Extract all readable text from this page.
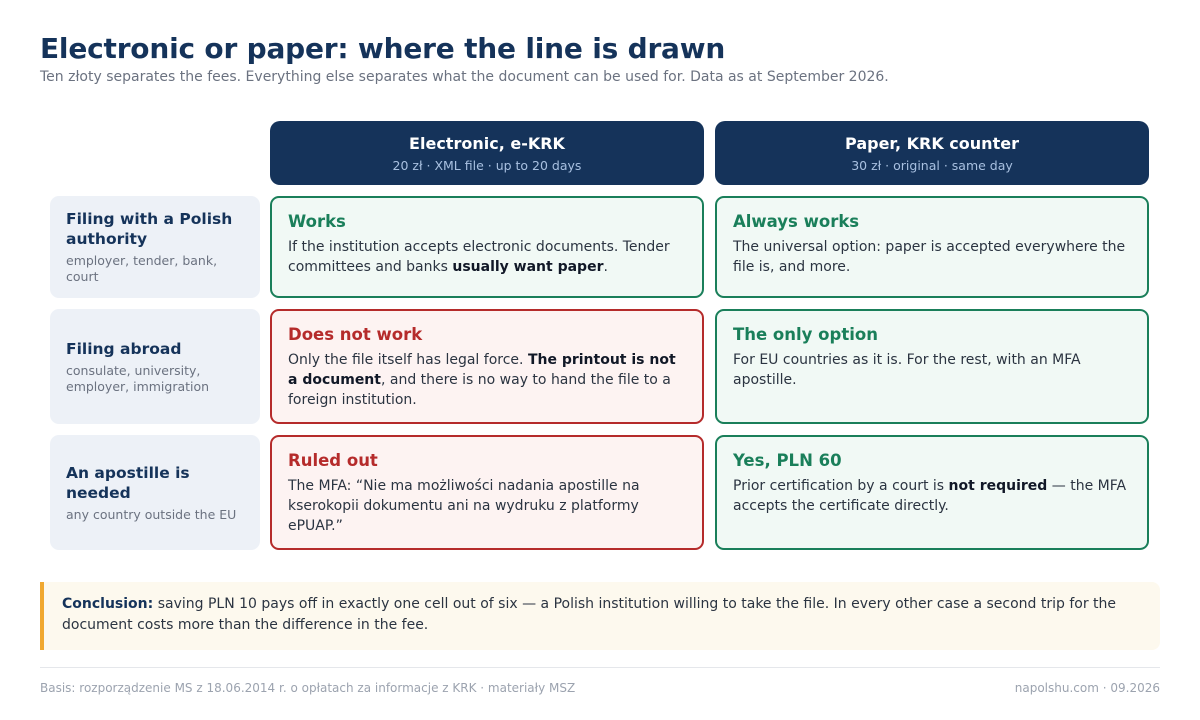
Electronic or paper: where the line is drawn

Ten złoty separates the fees. Everything else separates what the document can be used for. Data as at September 2026.

Electronic, e-KRK
20 zł · XML file · up to 20 days
Paper, KRK counter
30 zł · original · same day
Filing with a Polish authority
employer, tender, bank, court
Works
If the institution accepts electronic documents. Tender committees and banks usually want paper.
Always works
The universal option: paper is accepted everywhere the file is, and more.
Filing abroad
consulate, university, employer, immigration
Does not work
Only the file itself has legal force. The printout is not a document, and there is no way to hand the file to a foreign institution.
The only option
For EU countries as it is. For the rest, with an MFA apostille.
An apostille is needed
any country outside the EU
Ruled out
The MFA: “Nie ma możliwości nadania apostille na kserokopii dokumentu ani na wydruku z platformy ePUAP.”
Yes, PLN 60
Prior certification by a court is not required — the MFA accepts the certificate directly.
Conclusion: saving PLN 10 pays off in exactly one cell out of six — a Polish institution willing to take the file. In every other case a second trip for the document costs more than the difference in the fee.
Basis: rozporządzenie MS z 18.06.2014 r. o opłatach za informacje z KRK · materiały MSZ	napolshu.com · 09.2026
